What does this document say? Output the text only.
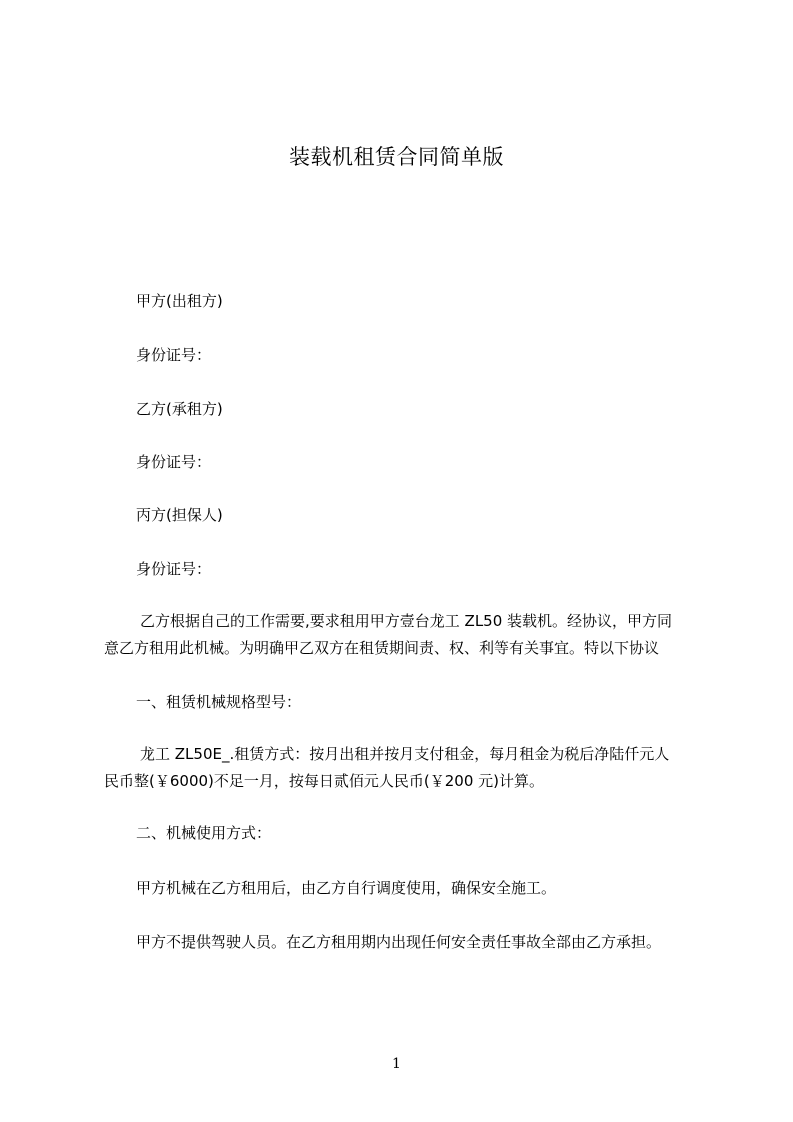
装载机租赁合同简单版
甲方(出租方)
身份证号：
乙方(承租方)
身份证号：
丙方(担保人)
身份证号：
乙方根据自己的工作需要,要求租用甲方壹台龙工 ZL50 装载机。经协议，甲方同
意乙方租用此机械。为明确甲乙双方在租赁期间责、权、利等有关事宜。特以下协议
一、租赁机械规格型号：
龙工 ZL50E_.租赁方式：按月出租并按月支付租金，每月租金为税后净陆仟元人
民币整(￥6000)不足一月，按每日贰佰元人民币(￥200 元)计算。
二、机械使用方式：
甲方机械在乙方租用后，由乙方自行调度使用，确保安全施工。
甲方不提供驾驶人员。在乙方租用期内出现任何安全责任事故全部由乙方承担。
1
